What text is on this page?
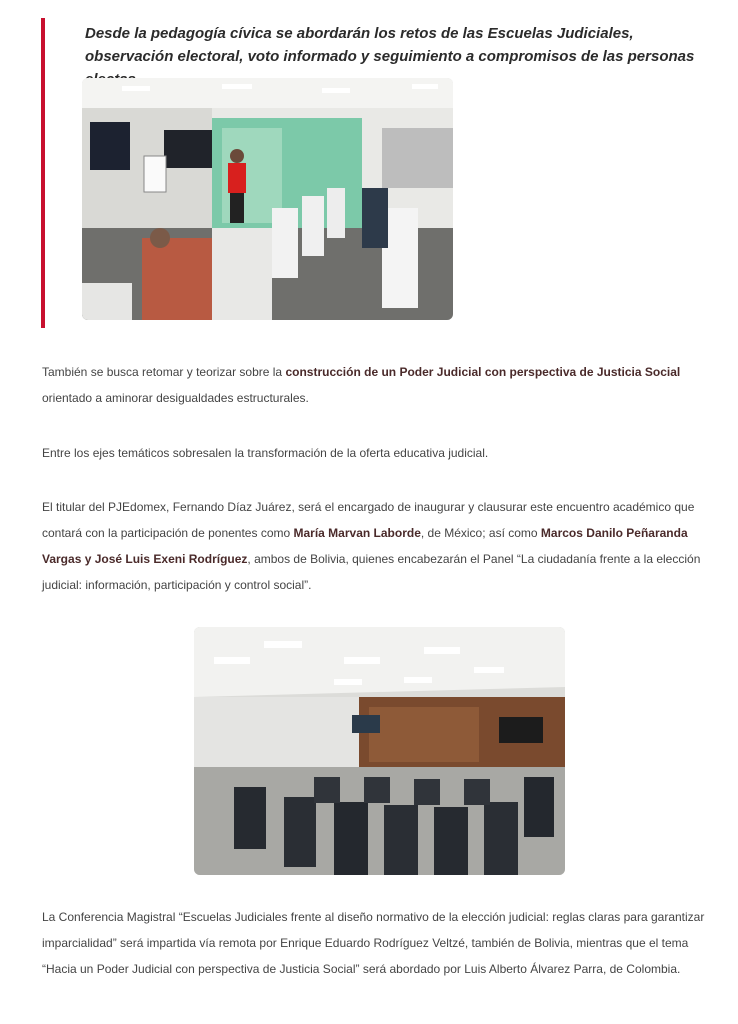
Desde la pedagogía cívica se abordarán los retos de las Escuelas Judiciales, observación electoral, voto informado y seguimiento a compromisos de las personas

También se busca retomar y teorizar sobre la construcción de un Poder Judicial con perspectiva de Justicia Social orientado a aminorar desigualdades estructurales.

Entre los ejes temáticos sobresalen la transformación de la oferta educativa judicial.

El titular del PJEdomex, Fernando Díaz Juárez, será el encargado de inaugurar y clausurar este encuentro académico que contará con la participación de ponentes como María Marvan Laborde, de México; así como Marcos Danilo Peñaranda Vargas y José Luis Exeni Rodríguez, ambos de Bolivia, quienes encabezarán el Panel “La ciudadanía frente a la elección judicial: información, participación y control social”.

La Conferencia Magistral “Escuelas Judiciales frente al diseño normativo de la elección judicial: reglas claras para garantizar imparcialidad” será impartida vía remota por Enrique Eduardo Rodríguez Veltzé, también de Bolivia, mientras que el tema “Hacia un Poder Judicial con perspectiva de Justicia Social” será abordado por Luis Alberto Álvarez Parra, de Colombia.
